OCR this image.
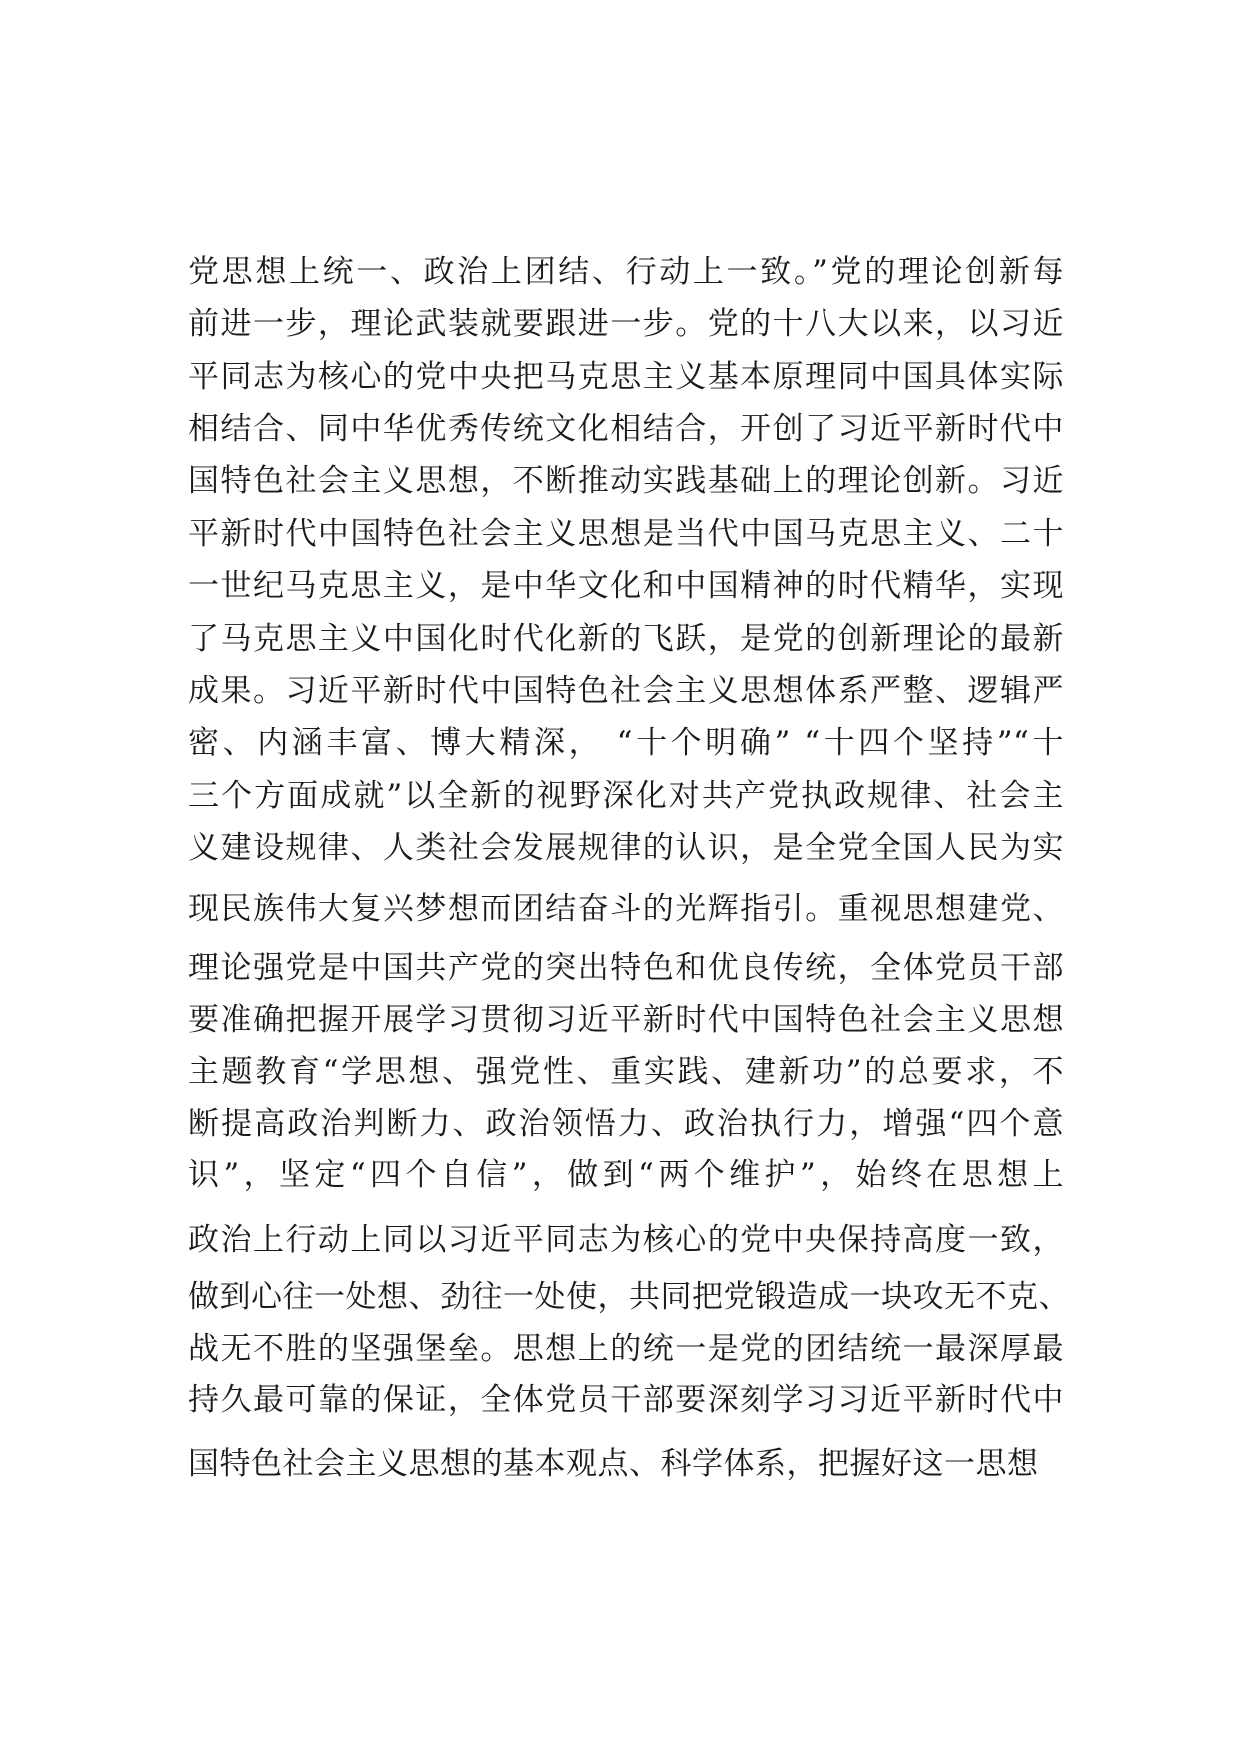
党思想上统一、政治上团结、行动上一致。”党的理论创新每
前进一步，理论武装就要跟进一步。党的十八大以来，以习近
平同志为核心的党中央把马克思主义基本原理同中国具体实际
相结合、同中华优秀传统文化相结合，开创了习近平新时代中
国特色社会主义思想，不断推动实践基础上的理论创新。习近
平新时代中国特色社会主义思想是当代中国马克思主义、二十
一世纪马克思主义，是中华文化和中国精神的时代精华，实现
了马克思主义中国化时代化新的飞跃，是党的创新理论的最新
成果。习近平新时代中国特色社会主义思想体系严整、逻辑严
密、内涵丰富、博大精深， “十个明确” “十四个坚持”“十
三个方面成就”以全新的视野深化对共产党执政规律、社会主
义建设规律、人类社会发展规律的认识，是全党全国人民为实
现民族伟大复兴梦想而团结奋斗的光辉指引。重视思想建党、
理论强党是中国共产党的突出特色和优良传统，全体党员干部
要准确把握开展学习贯彻习近平新时代中国特色社会主义思想
主题教育“学思想、强党性、重实践、建新功”的总要求，不
断提高政治判断力、政治领悟力、政治执行力，增强“四个意
识”，坚定“四个自信”，做到“两个维护”，始终在思想上
政治上行动上同以习近平同志为核心的党中央保持高度一致，
做到心往一处想、劲往一处使，共同把党锻造成一块攻无不克、
战无不胜的坚强堡垒。思想上的统一是党的团结统一最深厚最
持久最可靠的保证，全体党员干部要深刻学习习近平新时代中
国特色社会主义思想的基本观点、科学体系，把握好这一思想
